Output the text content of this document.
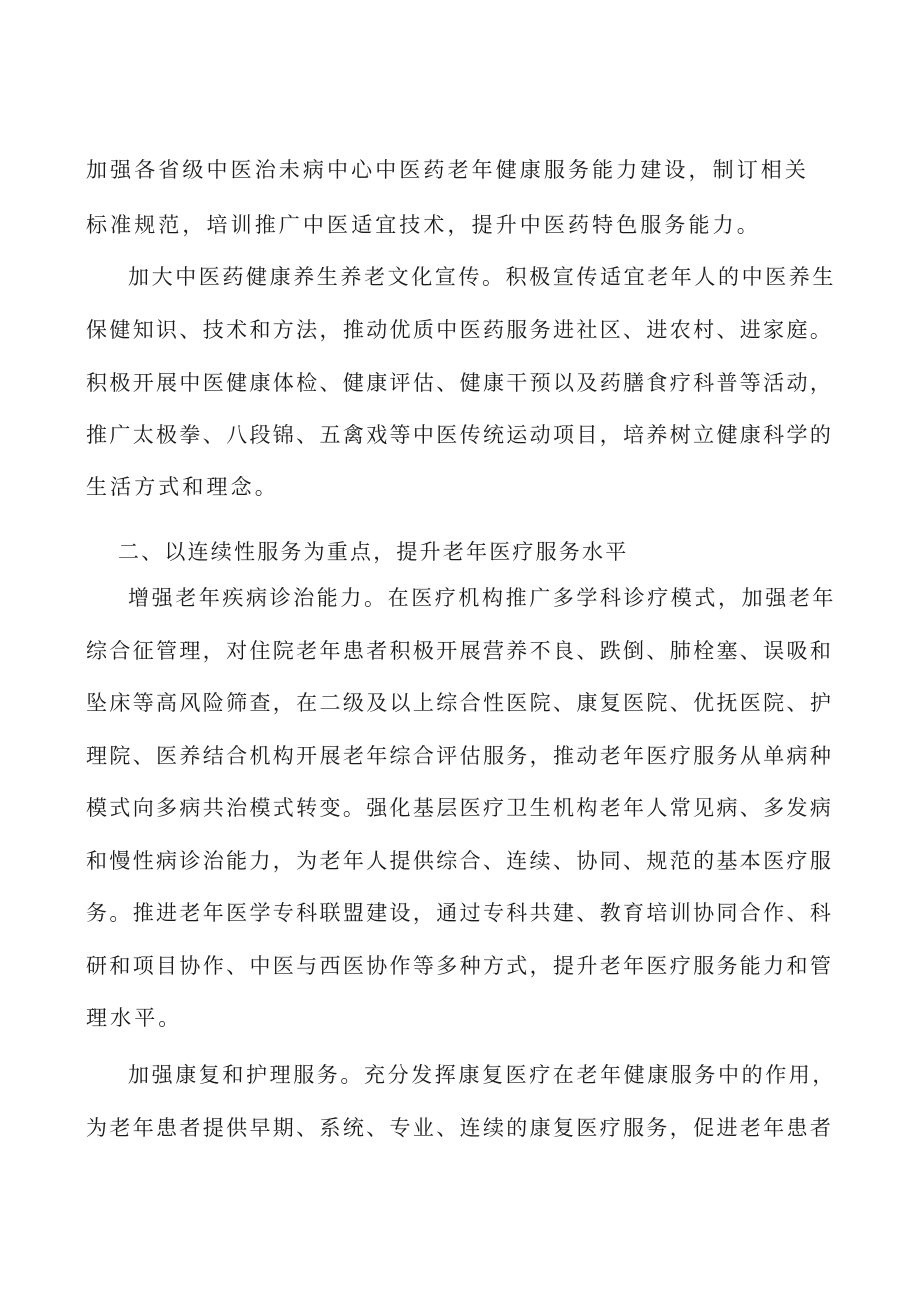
加强各省级中医治未病中心中医药老年健康服务能力建设，制订相关
标准规范，培训推广中医适宜技术，提升中医药特色服务能力。
加大中医药健康养生养老文化宣传。积极宣传适宜老年人的中医养生
保健知识、技术和方法，推动优质中医药服务进社区、进农村、进家庭。
积极开展中医健康体检、健康评估、健康干预以及药膳食疗科普等活动，
推广太极拳、八段锦、五禽戏等中医传统运动项目，培养树立健康科学的
生活方式和理念。
二、以连续性服务为重点，提升老年医疗服务水平
增强老年疾病诊治能力。在医疗机构推广多学科诊疗模式，加强老年
综合征管理，对住院老年患者积极开展营养不良、跌倒、肺栓塞、误吸和
坠床等高风险筛查，在二级及以上综合性医院、康复医院、优抚医院、护
理院、医养结合机构开展老年综合评估服务，推动老年医疗服务从单病种
模式向多病共治模式转变。强化基层医疗卫生机构老年人常见病、多发病
和慢性病诊治能力，为老年人提供综合、连续、协同、规范的基本医疗服
务。推进老年医学专科联盟建设，通过专科共建、教育培训协同合作、科
研和项目协作、中医与西医协作等多种方式，提升老年医疗服务能力和管
理水平。
加强康复和护理服务。充分发挥康复医疗在老年健康服务中的作用，
为老年患者提供早期、系统、专业、连续的康复医疗服务，促进老年患者
